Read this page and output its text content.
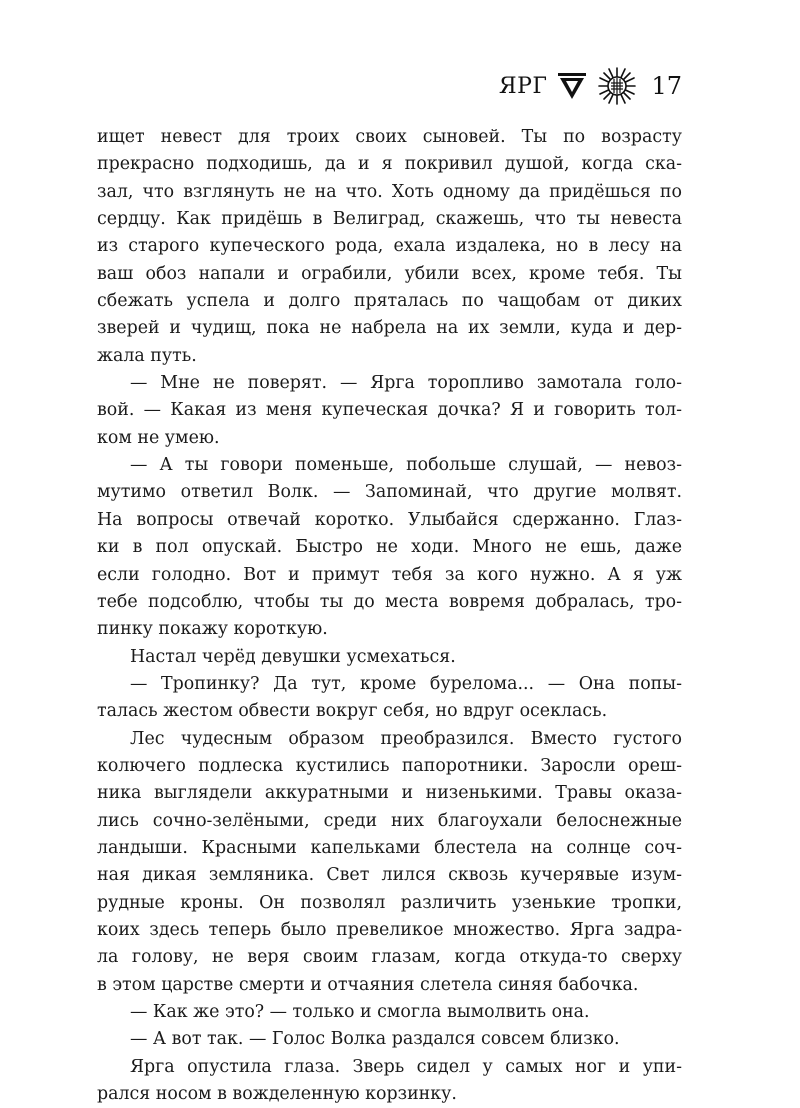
ЯРГ	17
ищет невест для троих своих сыновей. Ты по возрасту
прекрасно подходишь, да и я покривил душой, когда ска-
зал, что взглянуть не на что. Хоть одному да придёшься по
сердцу. Как придёшь в Велиград, скажешь, что ты невеста
из старого купеческого рода, ехала издалека, но в лесу на
ваш обоз напали и ограбили, убили всех, кроме тебя. Ты
сбежать успела и долго пряталась по чащобам от диких
зверей и чудищ, пока не набрела на их земли, куда и дер-
жала путь.
— Мне не поверят. — Ярга торопливо замотала голо-
вой. — Какая из меня купеческая дочка? Я и говорить тол-
ком не умею.
— А ты говори поменьше, побольше слушай, — невоз-
мутимо ответил Волк. — Запоминай, что другие молвят.
На вопросы отвечай коротко. Улыбайся сдержанно. Глаз-
ки в пол опускай. Быстро не ходи. Много не ешь, даже
если голодно. Вот и примут тебя за кого нужно. А я уж
тебе подсоблю, чтобы ты до места вовремя добралась, тро-
пинку покажу короткую.
Настал черёд девушки усмехаться.
— Тропинку? Да тут, кроме бурелома... — Она попы-
талась жестом обвести вокруг себя, но вдруг осеклась.
Лес чудесным образом преобразился. Вместо густого
колючего подлеска кустились папоротники. Заросли ореш-
ника выглядели аккуратными и низенькими. Травы оказа-
лись сочно-зелёными, среди них благоухали белоснежные
ландыши. Красными капельками блестела на солнце соч-
ная дикая земляника. Свет лился сквозь кучерявые изум-
рудные кроны. Он позволял различить узенькие тропки,
коих здесь теперь было превеликое множество. Ярга задра-
ла голову, не веря своим глазам, когда откуда-то сверху
в этом царстве смерти и отчаяния слетела синяя бабочка.
— Как же это? — только и смогла вымолвить она.
— А вот так. — Голос Волка раздался совсем близко.
Ярга опустила глаза. Зверь сидел у самых ног и упи-
рался носом в вожделенную корзинку.
